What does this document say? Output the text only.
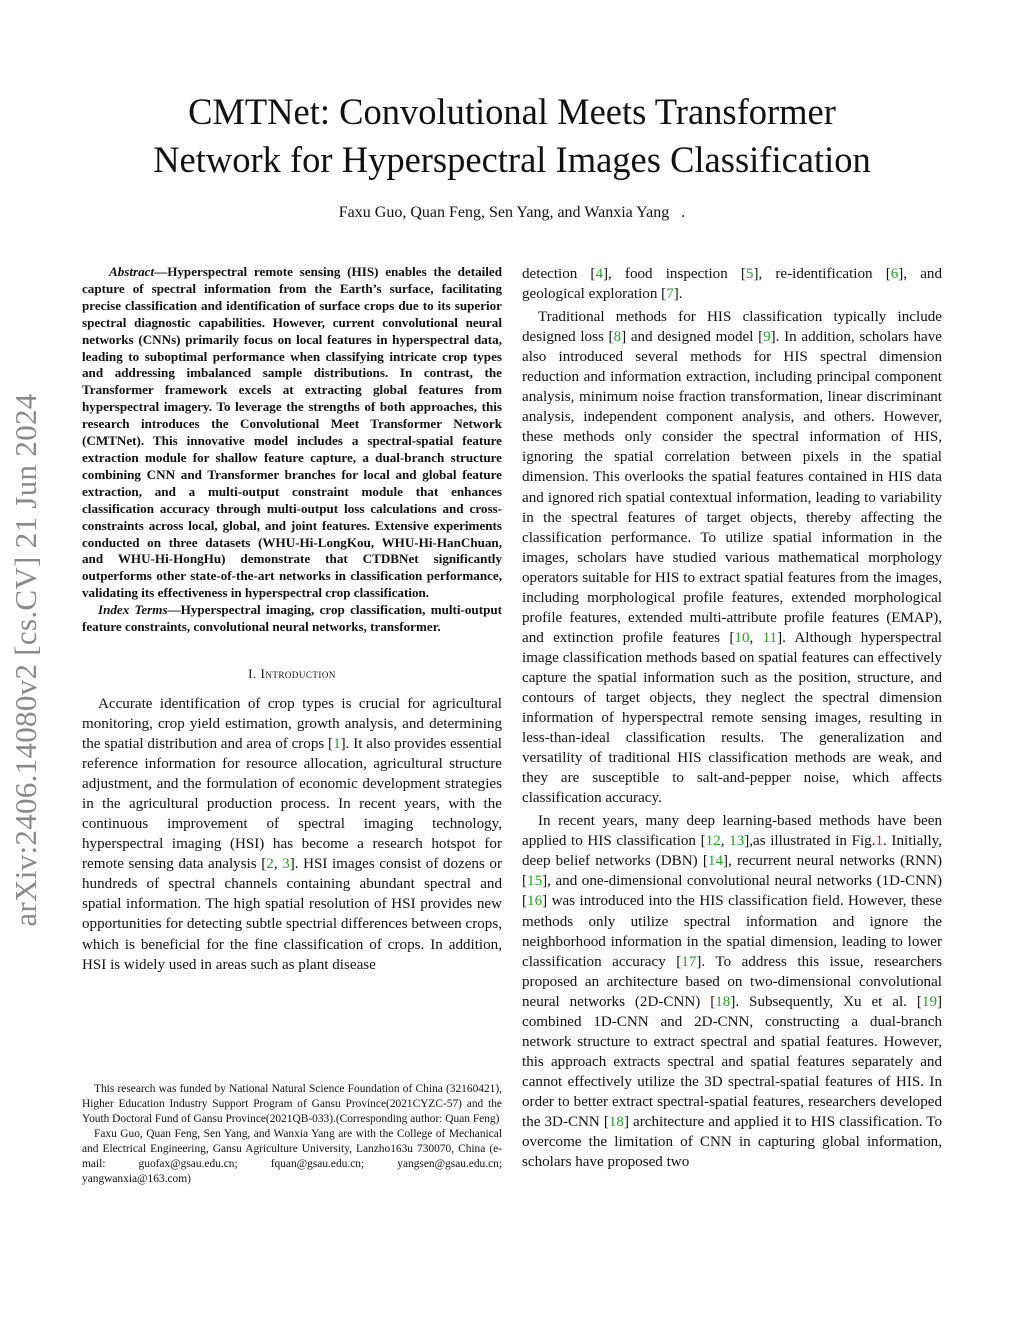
arXiv:2406.14080v2 [cs.CV] 21 Jun 2024
CMTNet: Convolutional Meets Transformer
Network for Hyperspectral Images Classification
Faxu Guo, Quan Feng, Sen Yang, and Wanxia Yang .

Abstract—Hyperspectral remote sensing (HIS) enables the detailed capture of spectral information from the Earth’s surface, facilitating precise classification and identification of surface crops due to its superior spectral diagnostic capabilities. However, current convolutional neural networks (CNNs) primarily focus on local features in hyperspectral data, leading to suboptimal performance when classifying intricate crop types and addressing imbalanced sample distributions. In contrast, the Transformer framework excels at extracting global features from hyperspectral imagery. To leverage the strengths of both approaches, this research introduces the Convolutional Meet Transformer Network (CMTNet). This innovative model includes a spectral-spatial feature extraction module for shallow feature capture, a dual-branch structure combining CNN and Transformer branches for local and global feature extraction, and a multi-output constraint module that enhances classification accuracy through multi-output loss calculations and cross-constraints across local, global, and joint features. Extensive experiments conducted on three datasets (WHU-Hi-LongKou, WHU-Hi-HanChuan, and WHU-Hi-HongHu) demonstrate that CTDBNet significantly outperforms other state-of-the-art networks in classification performance, validating its effectiveness in hyperspectral crop classification.

Index Terms—Hyperspectral imaging, crop classification, multi-output feature constraints, convolutional neural networks, transformer.

I. Introduction

Accurate identification of crop types is crucial for agricultural monitoring, crop yield estimation, growth analysis, and determining the spatial distribution and area of crops [1]. It also provides essential reference information for resource allocation, agricultural structure adjustment, and the formulation of economic development strategies in the agricultural production process. In recent years, with the continuous improvement of spectral imaging technology, hyperspectral imaging (HSI) has become a research hotspot for remote sensing data analysis [2, 3]. HSI images consist of dozens or hundreds of spectral channels containing abundant spectral and spatial information. The high spatial resolution of HSI provides new opportunities for detecting subtle spectrial differences between crops, which is beneficial for the fine classification of crops. In addition, HSI is widely used in areas such as plant disease

This research was funded by National Natural Science Foundation of China (32160421), Higher Education Industry Support Program of Gansu Province(2021CYZC-57) and the Youth Doctoral Fund of Gansu Province(2021QB-033).(Corresponding author: Quan Feng)

Faxu Guo, Quan Feng, Sen Yang, and Wanxia Yang are with the College of Mechanical and Electrical Engineering, Gansu Agriculture University, Lanzho163u 730070, China (e-mail: guofax@gsau.edu.cn; fquan@gsau.edu.cn; yangsen@gsau.edu.cn; yangwanxia@163.com)

detection [4], food inspection [5], re-identification [6], and geological exploration [7].

Traditional methods for HIS classification typically include designed loss [8] and designed model [9]. In addition, scholars have also introduced several methods for HIS spectral dimension reduction and information extraction, including principal component analysis, minimum noise fraction transformation, linear discriminant analysis, independent component analysis, and others. However, these methods only consider the spectral information of HIS, ignoring the spatial correlation between pixels in the spatial dimension. This overlooks the spatial features contained in HIS data and ignored rich spatial contextual information, leading to variability in the spectral features of target objects, thereby affecting the classification performance. To utilize spatial information in the images, scholars have studied various mathematical morphology operators suitable for HIS to extract spatial features from the images, including morphological profile features, extended morphological profile features, extended multi-attribute profile features (EMAP), and extinction profile features [10, 11]. Although hyperspectral image classification methods based on spatial features can effectively capture the spatial information such as the position, structure, and contours of target objects, they neglect the spectral dimension information of hyperspectral remote sensing images, resulting in less-than-ideal classification results. The generalization and versatility of traditional HIS classification methods are weak, and they are susceptible to salt-and-pepper noise, which affects classification accuracy.

In recent years, many deep learning-based methods have been applied to HIS classification [12, 13],as illustrated in Fig.1. Initially, deep belief networks (DBN) [14], recurrent neural networks (RNN) [15], and one-dimensional convolutional neural networks (1D-CNN) [16] was introduced into the HIS classification field. However, these methods only utilize spectral information and ignore the neighborhood information in the spatial dimension, leading to lower classification accuracy [17]. To address this issue, researchers proposed an architecture based on two-dimensional convolutional neural networks (2D-CNN) [18]. Subsequently, Xu et al. [19] combined 1D-CNN and 2D-CNN, constructing a dual-branch network structure to extract spectral and spatial features. However, this approach extracts spectral and spatial features separately and cannot effectively utilize the 3D spectral-spatial features of HIS. In order to better extract spectral-spatial features, researchers developed the 3D-CNN [18] architecture and applied it to HIS classification. To overcome the limitation of CNN in capturing global information, scholars have proposed two
